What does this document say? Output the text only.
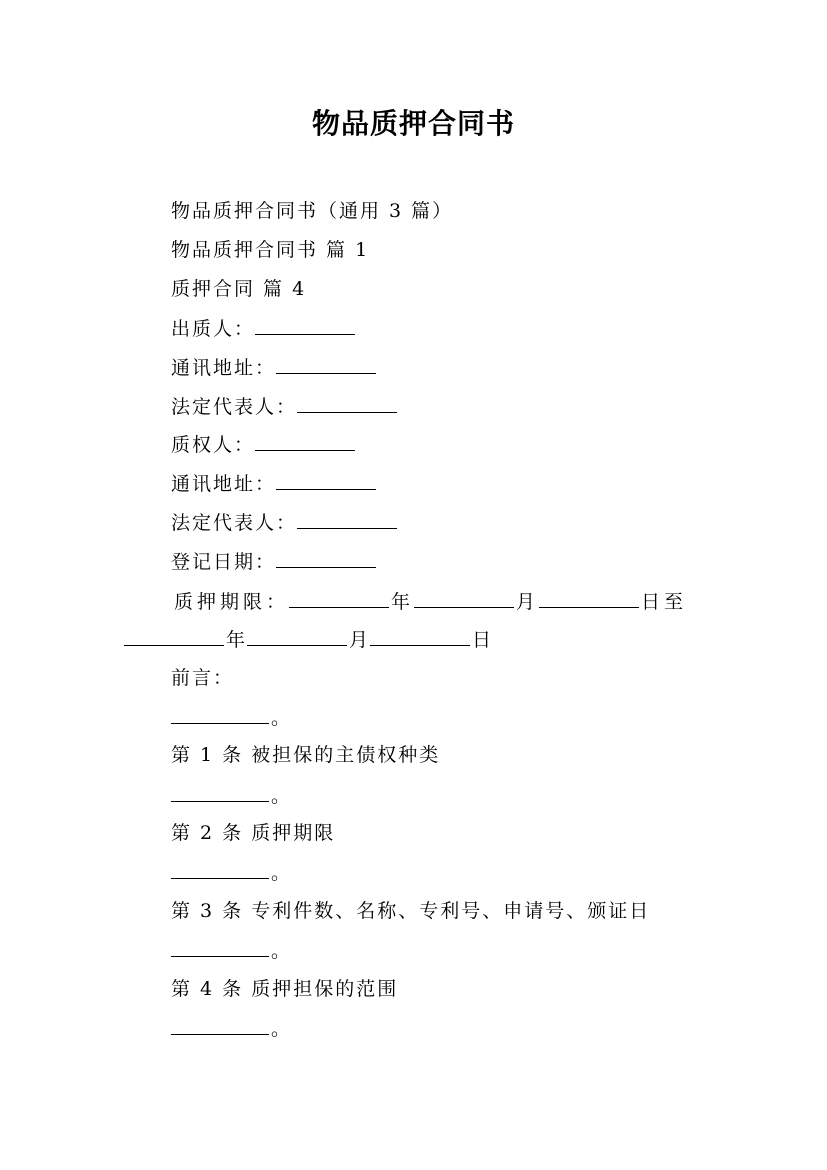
物品质押合同书
物品质押合同书（通用 3 篇）
物品质押合同书 篇 1
质押合同 篇 4
出质人：
通讯地址：
法定代表人：
质权人：
通讯地址：
法定代表人：
登记日期：
质押期限：	年	月	日至
年	月	日
前言：
。
第 1 条 被担保的主债权种类
。
第 2 条 质押期限
。
第 3 条 专利件数、名称、专利号、申请号、颁证日
。
第 4 条 质押担保的范围
。
